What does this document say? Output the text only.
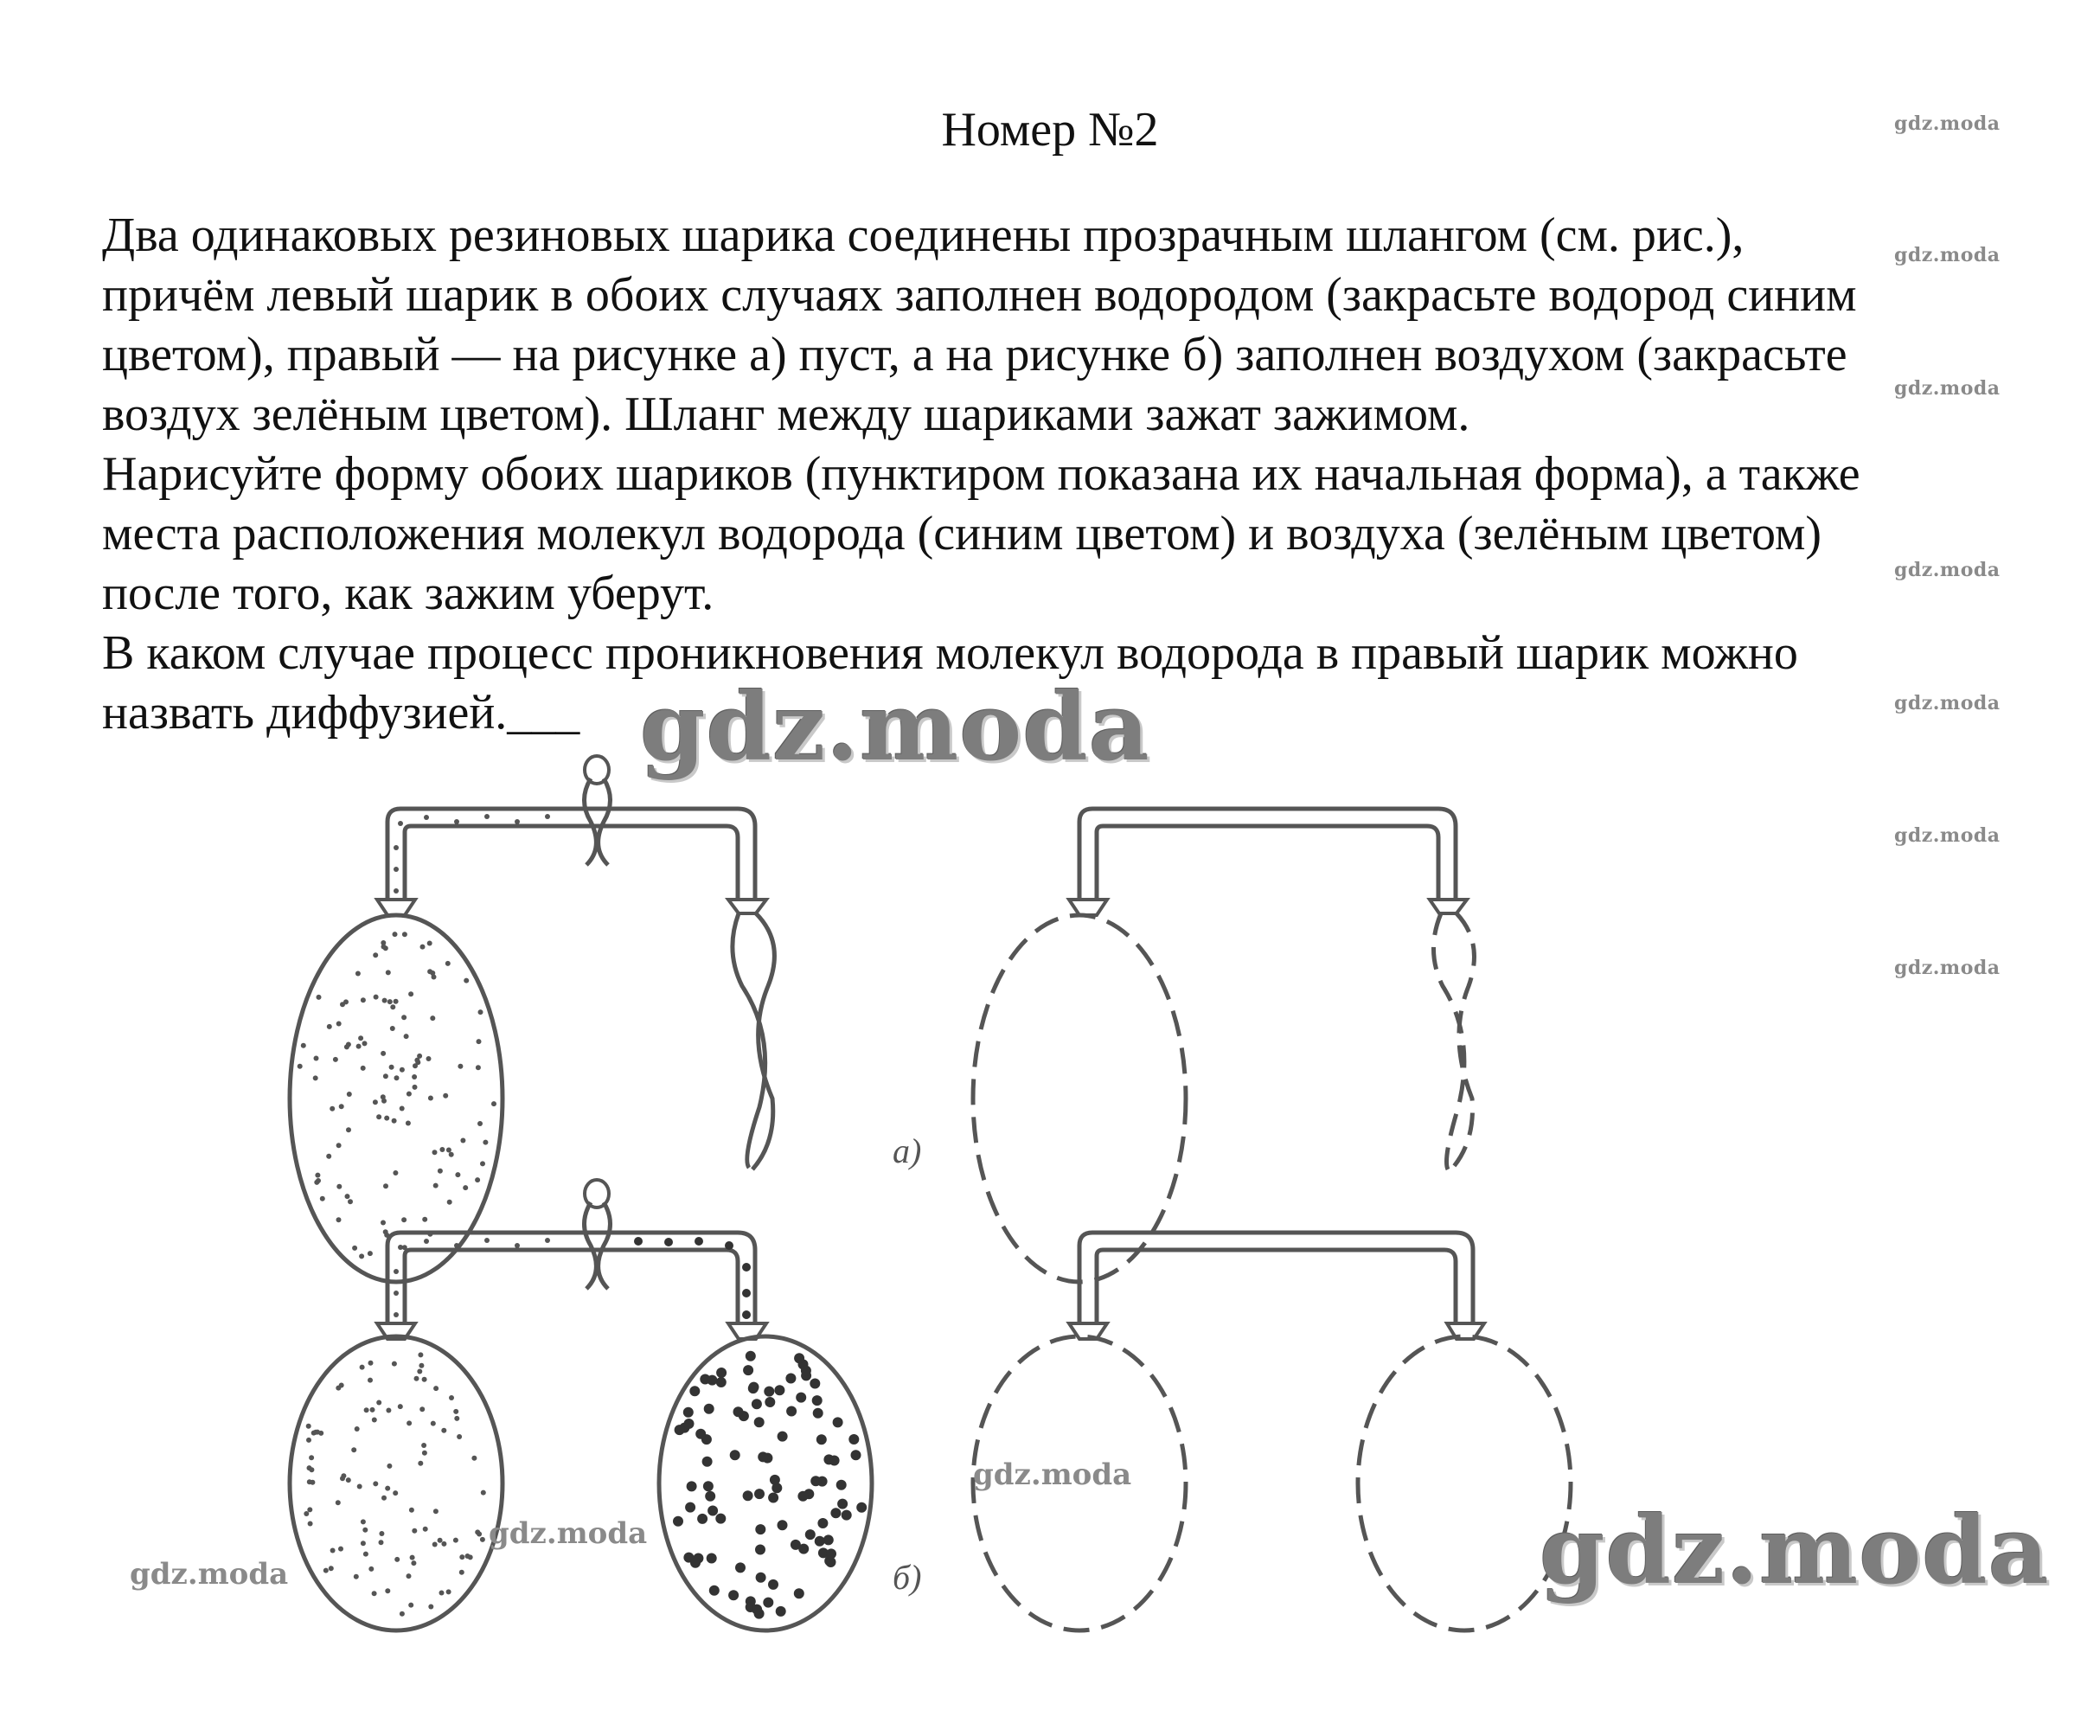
Номер №2
Два одинаковых резиновых шарика соединены прозрачным шлангом (см. рис.),
причём левый шарик в обоих случаях заполнен водородом (закрасьте водород синим
цветом), правый — на рисунке а) пуст, а на рисунке б) заполнен воздухом (закрасьте
воздух зелёным цветом). Шланг между шариками зажат зажимом.
Нарисуйте форму обоих шариков (пунктиром показана их начальная форма), а также
места расположения молекул водорода (синим цветом) и воздуха (зелёным цветом)
после того, как зажим уберут.
В каком случае процесс проникновения молекул водорода в правый шарик можно
назвать диффузией.___
gdz.moda
gdz.moda
gdz.moda
gdz.moda
gdz.moda
gdz.moda
gdz.moda
а)
б)
gdz.moda
gdz.moda
gdz.moda
gdz.moda
gdz.moda
